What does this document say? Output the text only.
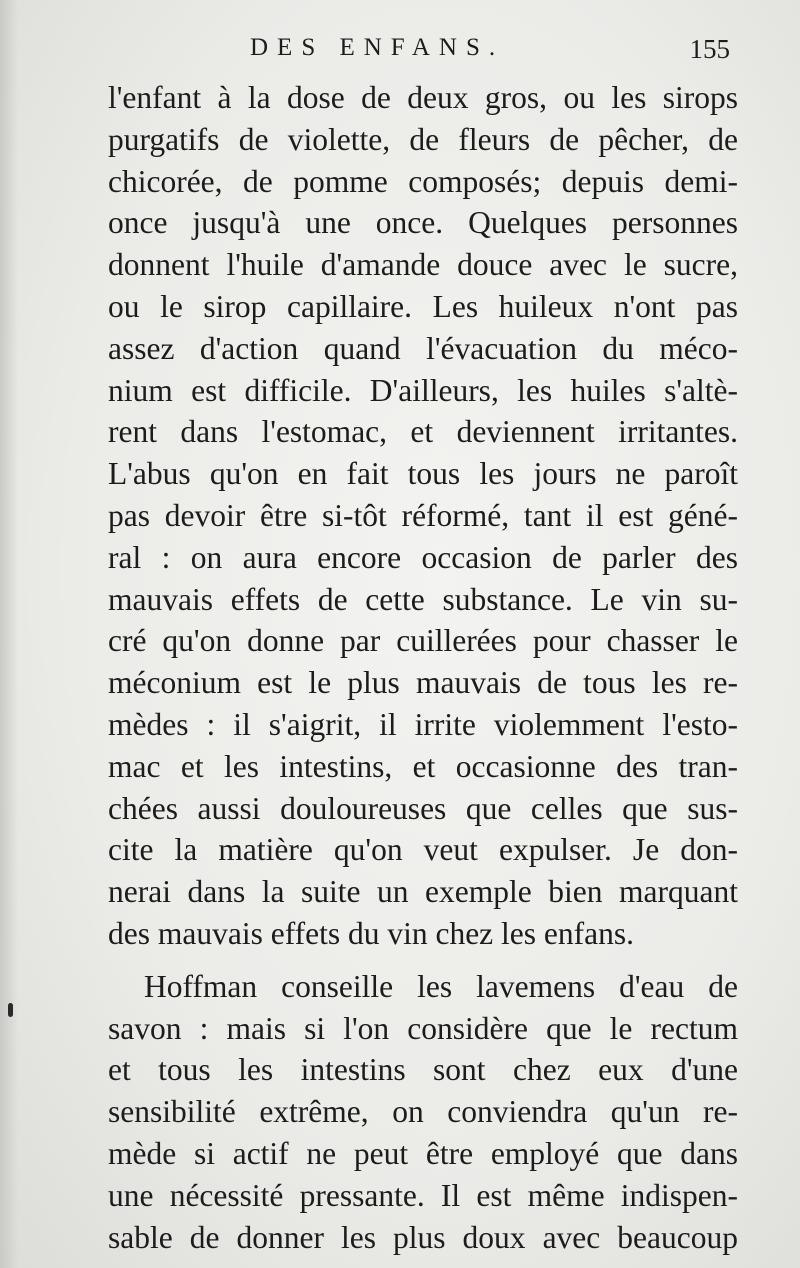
DES ENFANS.	155
l'enfant à la dose de deux gros, ou les sirops
purgatifs de violette, de fleurs de pêcher, de
chicorée, de pomme composés; depuis demi-
once jusqu'à une once. Quelques personnes
donnent l'huile d'amande douce avec le sucre,
ou le sirop capillaire. Les huileux n'ont pas
assez d'action quand l'évacuation du méco-
nium est difficile. D'ailleurs, les huiles s'altè-
rent dans l'estomac, et deviennent irritantes.
L'abus qu'on en fait tous les jours ne paroît
pas devoir être si-tôt réformé, tant il est géné-
ral : on aura encore occasion de parler des
mauvais effets de cette substance. Le vin su-
cré qu'on donne par cuillerées pour chasser le
méconium est le plus mauvais de tous les re-
mèdes : il s'aigrit, il irrite violemment l'esto-
mac et les intestins, et occasionne des tran-
chées aussi douloureuses que celles que sus-
cite la matière qu'on veut expulser. Je don-
nerai dans la suite un exemple bien marquant
des mauvais effets du vin chez les enfans.
Hoffman conseille les lavemens d'eau de
savon : mais si l'on considère que le rectum
et tous les intestins sont chez eux d'une
sensibilité extrême, on conviendra qu'un re-
mède si actif ne peut être employé que dans
une nécessité pressante. Il est même indispen-
sable de donner les plus doux avec beaucoup
